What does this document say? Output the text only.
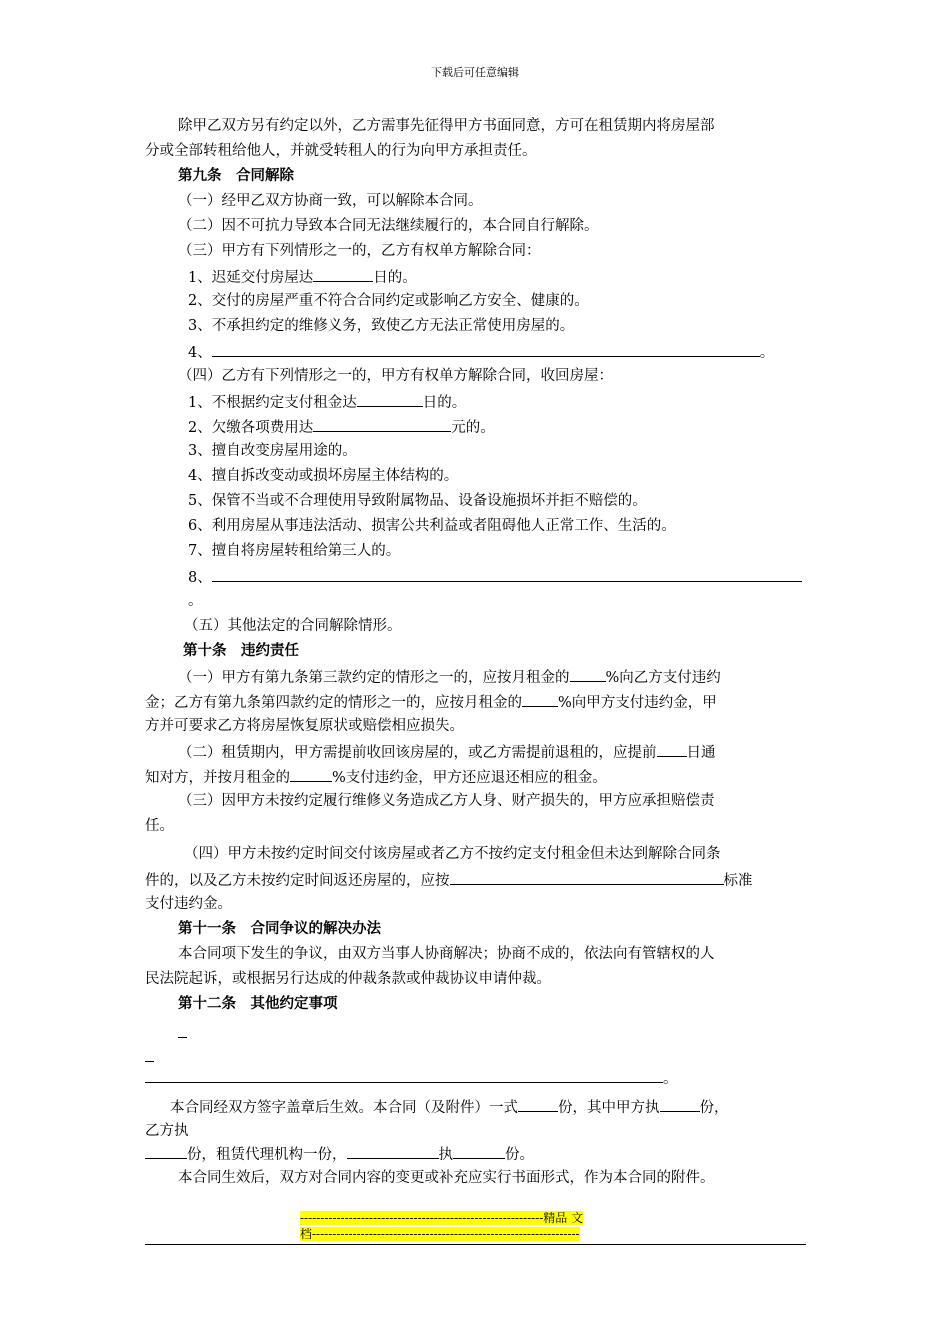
下载后可任意编辑
除甲乙双方另有约定以外，乙方需事先征得甲方书面同意，方可在租赁期内将房屋部
分或全部转租给他人，并就受转租人的行为向甲方承担责任。
第九条　合同解除
（一）经甲乙双方协商一致，可以解除本合同。
（二）因不可抗力导致本合同无法继续履行的，本合同自行解除。
（三）甲方有下列情形之一的，乙方有权单方解除合同：
1、迟延交付房屋达	日的。
2、交付的房屋严重不符合合同约定或影响乙方安全、健康的。
3、不承担约定的维修义务，致使乙方无法正常使用房屋的。
4、	。
（四）乙方有下列情形之一的，甲方有权单方解除合同，收回房屋：
1、不根据约定支付租金达	日的。
2、欠缴各项费用达	元的。
3、擅自改变房屋用途的。
4、擅自拆改变动或损坏房屋主体结构的。
5、保管不当或不合理使用导致附属物品、设备设施损坏并拒不赔偿的。
6、利用房屋从事违法活动、损害公共利益或者阻碍他人正常工作、生活的。
7、擅自将房屋转租给第三人的。
8、
。
（五）其他法定的合同解除情形。
第十条　违约责任
（一）甲方有第九条第三款约定的情形之一的，应按月租金的 %向乙方支付违约
金；乙方有第九条第四款约定的情形之一的，应按月租金的 %向甲方支付违约金，甲
方并可要求乙方将房屋恢复原状或赔偿相应损失。
（二）租赁期内，甲方需提前收回该房屋的，或乙方需提前退租的，应提前 日通
知对方，并按月租金的	%支付违约金，甲方还应退还相应的租金。
（三）因甲方未按约定履行维修义务造成乙方人身、财产损失的，甲方应承担赔偿责
任。
（四）甲方未按约定时间交付该房屋或者乙方不按约定支付租金但未达到解除合同条
件的，以及乙方未按约定时间返还房屋的，应按	标准
支付违约金。
第十一条　合同争议的解决办法
本合同项下发生的争议，由双方当事人协商解决；协商不成的，依法向有管辖权的人
民法院起诉，或根据另行达成的仲裁条款或仲裁协议申请仲裁。
第十二条　其他约定事项
。
本合同经双方签字盖章后生效。本合同（及附件）一式	份，其中甲方执	份，
乙方执
份，租赁代理机构一份，	执	份。
本合同生效后，双方对合同内容的变更或补充应实行书面形式，作为本合同的附件。
------------------------------------------------------------精品 文
档------------------------------------------------------------------
